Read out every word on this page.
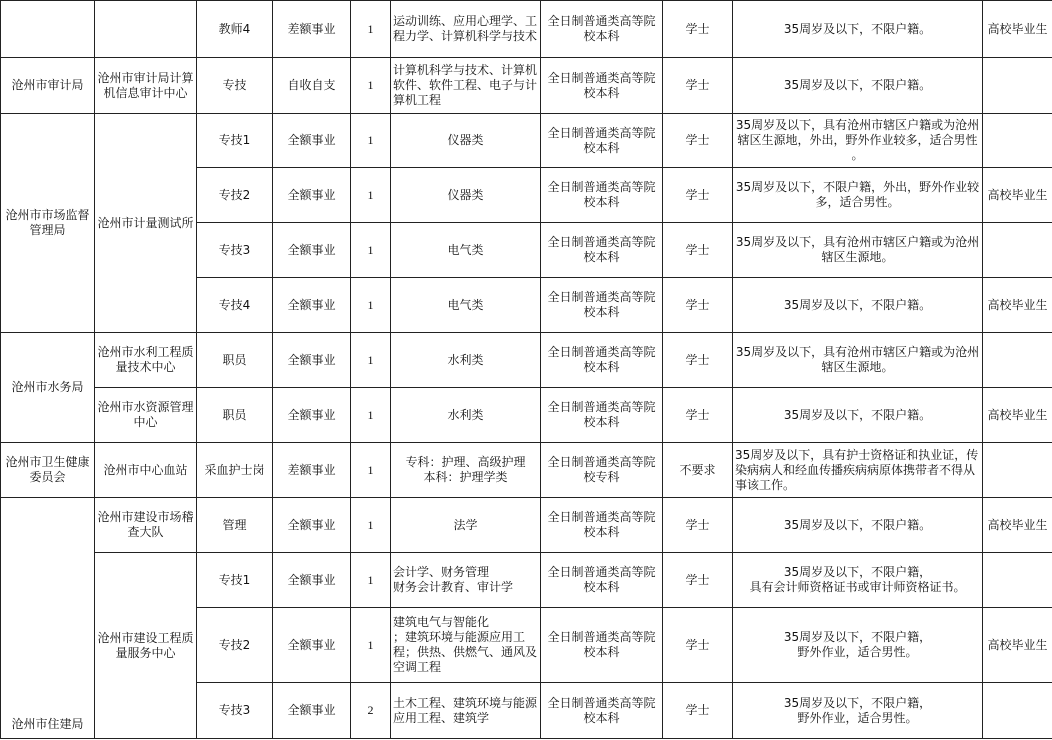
		教师4	差额事业	1	运动训练、应用心理学、工
程力学、计算机科学与技术	全日制普通类高等院
校本科	学士	35周岁及以下，不限户籍。	高校毕业生
沧州市审计局	沧州市审计局计算
机信息审计中心	专技	自收自支	1	计算机科学与技术、计算机
软件、软件工程、电子与计
算机工程	全日制普通类高等院
校本科	学士	35周岁及以下，不限户籍。	
沧州市市场监督
管理局	沧州市计量测试所	专技1	全额事业	1	仪器类	全日制普通类高等院
校本科	学士	35周岁及以下，具有沧州市辖区户籍或为沧州
辖区生源地，外出，野外作业较多，适合男性
。	
		专技2	全额事业	1	仪器类	全日制普通类高等院
校本科	学士	35周岁及以下，不限户籍，外出，野外作业较
多，适合男性。	高校毕业生
		专技3	全额事业	1	电气类	全日制普通类高等院
校本科	学士	35周岁及以下，具有沧州市辖区户籍或为沧州
辖区生源地。	
		专技4	全额事业	1	电气类	全日制普通类高等院
校本科	学士	35周岁及以下，不限户籍。	高校毕业生
沧州市水务局	沧州市水利工程质
量技术中心	职员	全额事业	1	水利类	全日制普通类高等院
校本科	学士	35周岁及以下，具有沧州市辖区户籍或为沧州
辖区生源地。	
	沧州市水资源管理
中心	职员	全额事业	1	水利类	全日制普通类高等院
校本科	学士	35周岁及以下，不限户籍。	高校毕业生
沧州市卫生健康
委员会	沧州市中心血站	采血护士岗	差额事业	1	专科：护理、高级护理
本科：护理学类	全日制普通类高等院
校专科	不要求	35周岁及以下，具有护士资格证和执业证，传
染病病人和经血传播疾病病原体携带者不得从
事该工作。	
沧州市住建局	沧州市建设市场稽
查大队	管理	全额事业	1	法学	全日制普通类高等院
校本科	学士	35周岁及以下，不限户籍。	高校毕业生
	沧州市建设工程质
量服务中心	专技1	全额事业	1	会计学、财务管理
财务会计教育、审计学	全日制普通类高等院
校本科	学士	35周岁及以下，不限户籍，
具有会计师资格证书或审计师资格证书。	
		专技2	全额事业	1	建筑电气与智能化
；建筑环境与能源应用工
程；供热、供燃气、通风及
空调工程	全日制普通类高等院
校本科	学士	35周岁及以下，不限户籍，
野外作业，适合男性。	高校毕业生
		专技3	全额事业	2	土木工程、建筑环境与能源
应用工程、建筑学	全日制普通类高等院
校本科	学士	35周岁及以下，不限户籍，
野外作业，适合男性。	
